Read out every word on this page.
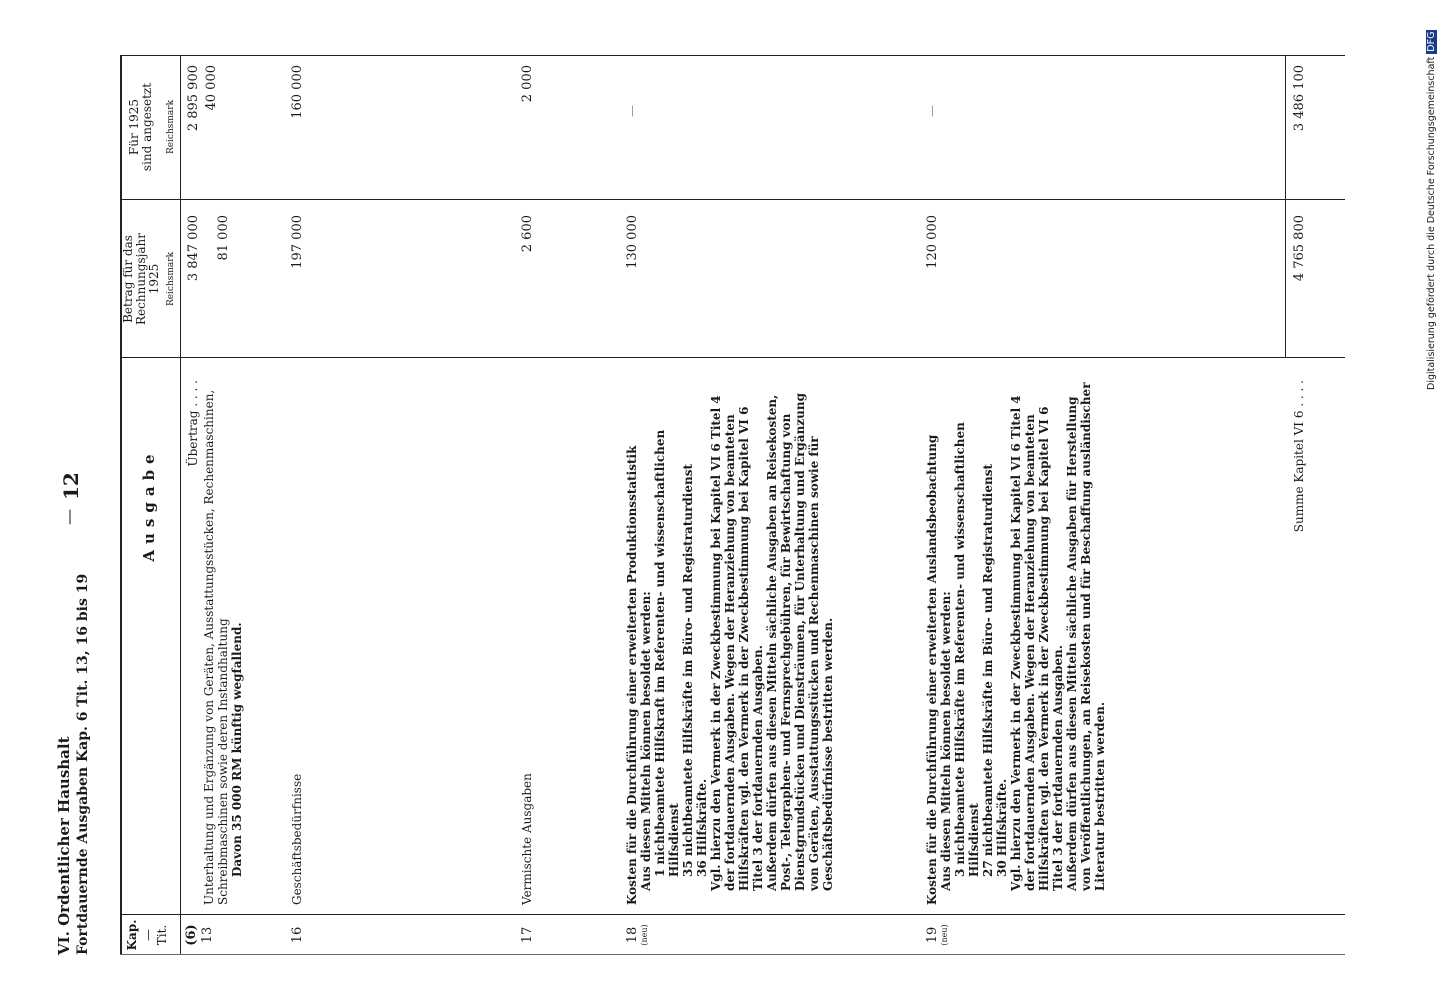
VI. Ordentlicher Haushalt Fortdauernde Ausgaben Kap. 6 Tit. 13, 16 bis 19
—
12
Kap. — Tit.
Ausgabe
Betrag für das Rechnungsjahr 1925 Reichsmark
Für 1925 sind angesetzt Reichsmark
Übertrag . . . .
3 847 000
2 895 900
(6) 13
Unterhaltung und Ergänzung von Geräten, Ausstattungsstücken, Rechenmaschinen, Schreibmaschinen sowie deren Instandhaltung Davon 35 000 RM künftig wegfallend.
81 000
40 000
16
Geschäftsbedürfnisse
197 000
160 000
17
Vermischte Ausgaben
2 600
2 000
18 (neu)
Kosten für die Durchführung einer erweiterten Produktionsstatistik Aus diesen Mitteln können besoldet werden: 1 nichtbeamtete Hilfskraft im Referenten- und wissenschaftlichen Hilfsdienst 35 nichtbeamtete Hilfskräfte im Büro- und Registraturdienst 36 Hilfskräfte. Vgl. hierzu den Vermerk in der Zweckbestimmung bei Kapitel VI 6 Titel 4 der fortdauernden Ausgaben. Wegen der Heranziehung von beamteten Hilfskräften vgl. den Vermerk in der Zweckbestimmung bei Kapitel VI 6 Titel 3 der fortdauernden Ausgaben. Außerdem dürfen aus diesen Mitteln sächliche Ausgaben an Reisekosten, Post-, Telegraphen- und Fernsprechgebühren, für Bewirtschaftung von Dienstgrundstücken und Diensträumen, für Unterhaltung und Ergänzung von Geräten, Ausstattungsstücken und Rechenmaschinen sowie für Geschäftsbedürfnisse bestritten werden.
130 000
—
19 (neu)
Kosten für die Durchführung einer erweiterten Auslandsbeobachtung Aus diesen Mitteln können besoldet werden: 3 nichtbeamtete Hilfskräfte im Referenten- und wissenschaftlichen Hilfsdienst 27 nichtbeamtete Hilfskräfte im Büro- und Registraturdienst 30 Hilfskräfte. Vgl. hierzu den Vermerk in der Zweckbestimmung bei Kapitel VI 6 Titel 4 der fortdauernden Ausgaben. Wegen der Heranziehung von beamteten Hilfskräften vgl. den Vermerk in der Zweckbestimmung bei Kapitel VI 6 Titel 3 der fortdauernden Ausgaben. Außerdem dürfen aus diesen Mitteln sächliche Ausgaben für Herstellung von Veröffentlichungen, an Reisekosten und für Beschaffung ausländischer Literatur bestritten werden.
120 000
—
Summe Kapitel VI 6 . . . .
4 765 800
3 486 100	Digitalisierung gefördert durch die Deutsche ForschungsgemeinschaftDFG
